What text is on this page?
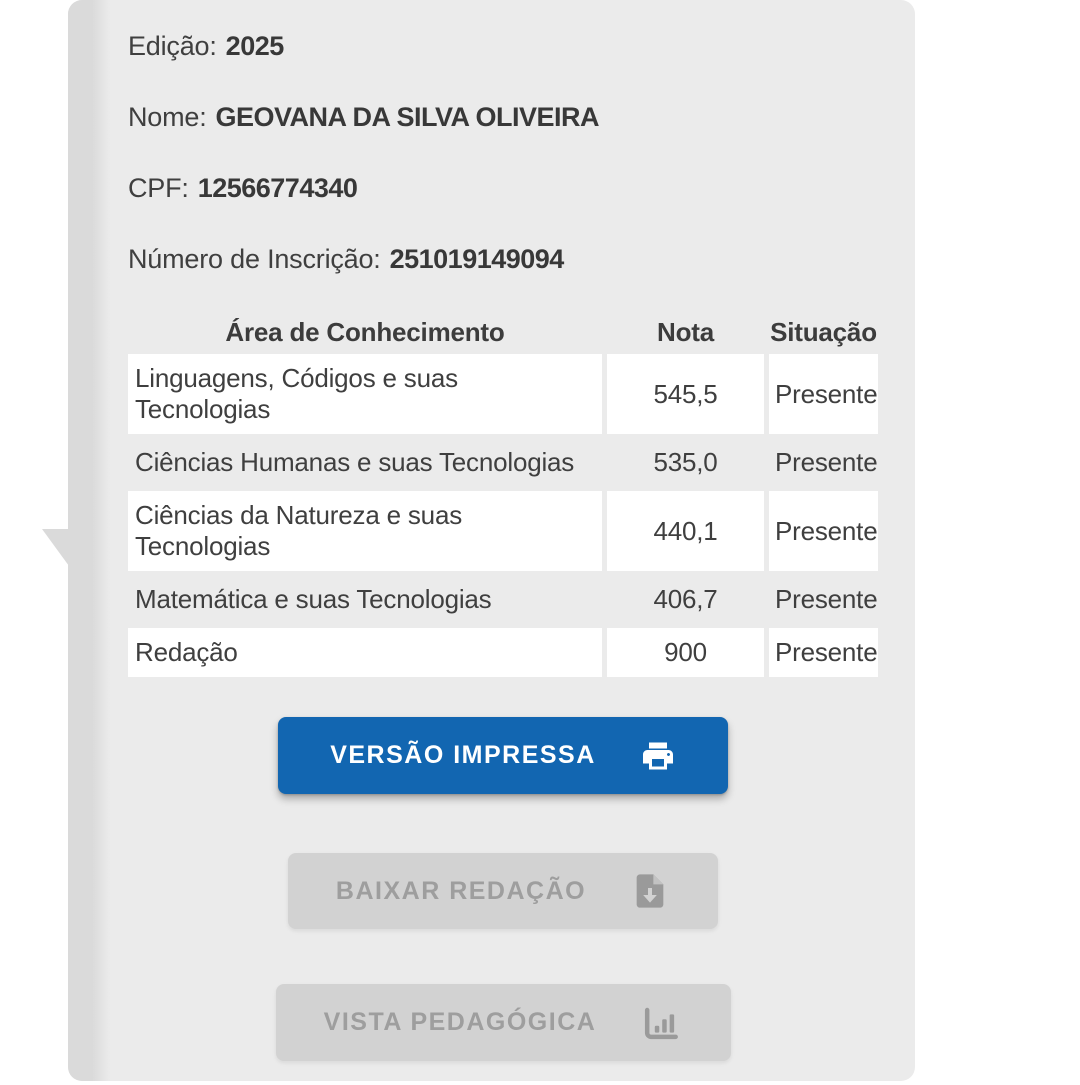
Edição: 2025

Nome: GEOVANA DA SILVA OLIVEIRA

CPF: 12566774340

Número de Inscrição: 251019149094

Área de Conhecimento	Nota	Situação
Linguagens, Códigos e suas Tecnologias	545,5	Presente
Ciências Humanas e suas Tecnologias	535,0	Presente
Ciências da Natureza e suas Tecnologias	440,1	Presente
Matemática e suas Tecnologias	406,7	Presente
Redação	900	Presente
VERSÃO IMPRESSA
BAIXAR REDAÇÃO
VISTA PEDAGÓGICA
